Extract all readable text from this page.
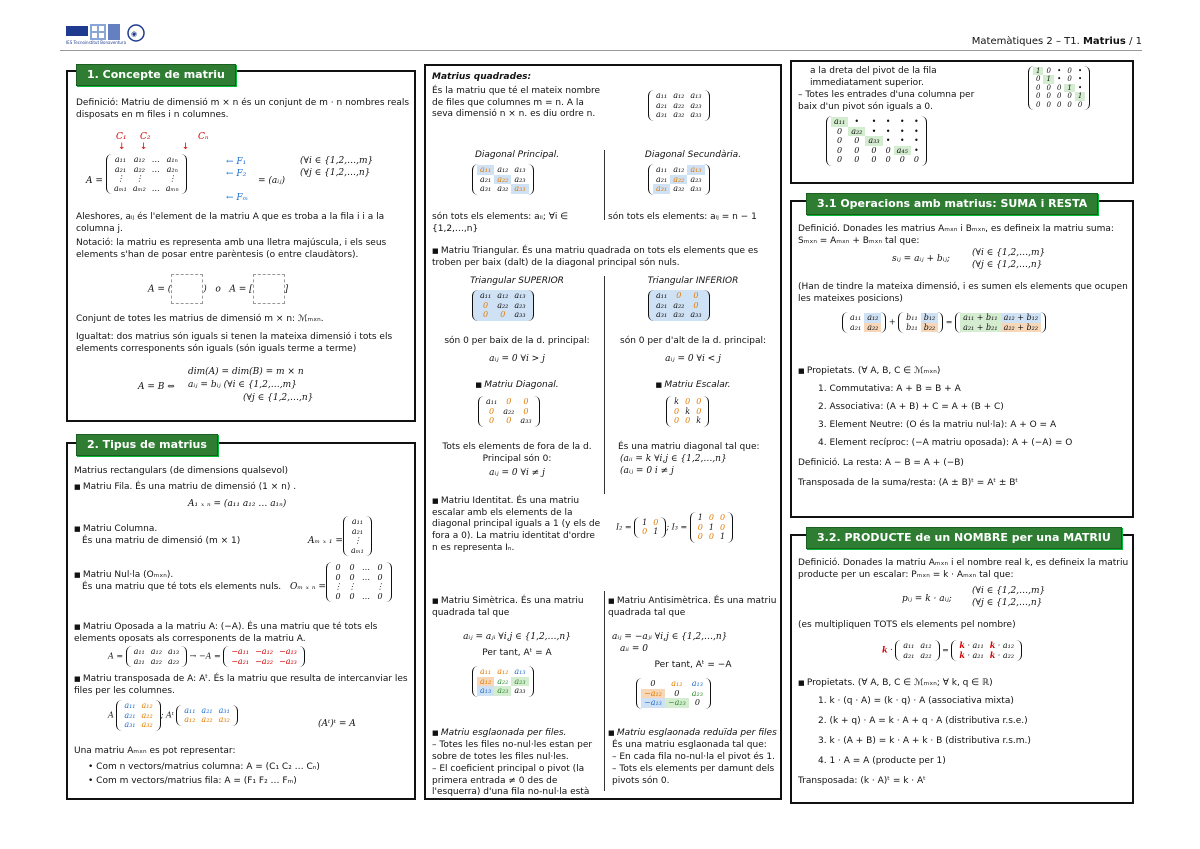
◉
IES Tecnoinstitut Bonaventura	Matemàtiques 2 – T1. Matrius / 1
Definició: Matriu de dimensió m × n és un conjunt de m · n nombres reals disposats en m files i n columnes.
C₁ C₂	Cₙ
↓     ↓            ↓
A =
a₁₁	a₁₂	…	a₁ₙ
a₂₁	a₂₂	…	a₂ₙ
⋮	⋮		⋮
aₘ₁	aₘ₂	…	aₘₙ
← F₁
← F₂
← Fₘ
= (aᵢⱼ)
(∀i ∈ {1,2,…,m}
(∀j ∈ {1,2,…,n}
Aleshores, aᵢⱼ és l'element de la matriu A que es troba a la fila i i a la columna j.
Notació: la matriu es representa amb una lletra majúscula, i els seus elements s'han de posar entre parèntesis (o entre claudàtors).
A = (	)   o   A = [	]
Conjunt de totes les matrius de dimensió m × n: ℳₘₓₙ.
Igualtat: dos matrius són iguals si tenen la mateixa dimensió i tots els elements corresponents són iguals (són iguals terme a terme)
A = B ⇔
dim(A) = dim(B) = m × n
aᵢⱼ = bᵢⱼ (∀i ∈ {1,2,…,m}
(∀j ∈ {1,2,…,n}
1. Concepte de matriu
Matrius rectangulars (de dimensions qualsevol)
■ Matriu Fila. És una matriu de dimensió (1 × n) .
A₁ ₓ ₙ = (a₁₁ a₁₂ … a₁ₙ)
■ Matriu Columna.
És una matriu de dimensió (m × 1)	Aₘ ₓ ₁ =
a₁₁
a₂₁
⋮
aₘ₁
■ Matriu Nul·la (Oₘₓₙ).
És una matriu que té tots els elements nuls. Oₘ ₓ ₙ =
0	0	…	0
0	0	…	0
⋮	⋮		⋮
0	0	…	0
■ Matriu Oposada a la matriu A: (−A). És una matriu que té tots els elements oposats als corresponents de la matriu A.
A =
a₁₁	a₁₂	a₁₃
a₂₁	a₂₂	a₂₃
→ −A =
−a₁₁	−a₁₂	−a₁₃
−a₂₁	−a₂₂	−a₂₃
■ Matriu transposada de A: Aᵗ. És la matriu que resulta de intercanviar les files per les columnes.
A
a₁₁	a₁₂
a₂₁	a₂₂
a₃₁	a₃₂
; Aᵗ
a₁₁	a₂₁	a₃₁
a₁₂	a₂₂	a₃₂	(Aᵗ)ᵗ = A
Una matriu Aₘₓₙ es pot representar:
• Com n vectors/matrius columna: A = (C₁ C₂ … Cₙ)
• Com m vectors/matrius fila: A = (F₁ F₂ … Fₘ)
2. Tipus de matrius
Matrius quadrades:
És la matriu que té el mateix nombre de files que columnes m = n. A la seva dimensió n × n. es diu ordre n.
a₁₁	a₁₂	a₁₃
a₂₁	a₂₂	a₂₃
a₃₁	a₃₂	a₃₃
Diagonal Principal.	Diagonal Secundària.
a₁₁	a₁₂	a₁₃
a₂₁	a₂₂	a₂₃
a₃₁	a₃₂	a₃₃
a₁₁	a₁₂	a₁₃
a₂₁	a₂₂	a₂₃
a₃₁	a₃₂	a₃₃
són tots els elements: aᵢᵢ; ∀i ∈ {1,2,…,n}
són tots els elements: aᵢⱼ = n − 1
■ Matriu Triangular. És una matriu quadrada on tots els elements que es troben per baix (dalt) de la diagonal principal són nuls.
Triangular SUPERIOR	Triangular INFERIOR
a₁₁	a₁₂	a₁₃
0	a₂₂	a₂₃
0	0	a₃₃
a₁₁	0	0
a₂₁	a₂₂	0
a₃₁	a₃₂	a₃₃
són 0 per baix de la d. principal:
aᵢⱼ = 0 ∀i > j
són 0 per d'alt de la d. principal:
aᵢⱼ = 0 ∀i < j
■ Matriu Diagonal.	■ Matriu Escalar.
a₁₁	0	0
0	a₂₂	0
0	0	a₃₃
k	0	0
0	k	0
0	0	k
Tots els elements de fora de la d. Principal són 0:
aᵢⱼ = 0 ∀i ≠ j
És una matriu diagonal tal que:
(aᵢᵢ = k ∀i,j ∈ {1,2,…,n}
(aᵢⱼ = 0 i ≠ j
■ Matriu Identitat. És una matriu escalar amb els elements de la diagonal principal iguals a 1 (y els de fora a 0). La matriu identitat d'ordre n es representa Iₙ.
I₂ =
1	0
0	1
; I₃ =
1	0	0
0	1	0
0	0	1
■ Matriu Simètrica. És una matriu quadrada tal que
aᵢⱼ = aⱼᵢ ∀i,j ∈ {1,2,…,n}
Per tant, Aᵗ = A
a₁₁	a₁₂	a₁₃
a₁₂	a₂₂	a₂₃
a₁₃	a₂₃	a₃₃
■ Matriu Antisimètrica. És una matriu quadrada tal que
aᵢⱼ = −aⱼᵢ ∀i,j ∈ {1,2,…,n}
aᵢᵢ = 0
Per tant, Aᵗ = −A
0	a₁₂	a₁₃
−a₁₂	0	a₂₃
−a₁₃	−a₂₃	0
■ Matriu esglaonada per files.
– Totes les files no-nul·les estan per sobre de totes les files nul·les.
– El coeficient principal o pivot (la primera entrada ≠ 0 des de l'esquerra) d'una fila no-nul·la està
■ Matriu esglaonada reduïda per files
És una matriu esglaonada tal que:
– En cada fila no-nul·la el pivot és 1.
– Tots els elements per damunt dels pivots són 0.
a la dreta del pivot de la fila immediatament superior.
– Totes les entrades d'una columna per baix d'un pivot són iguals a 0.
a₁₁	•	•	•	•	•
0	a₂₂	•	•	•	•
0	0	a₃₃	•	•	•
0	0	0	0	a₄₅	•
0	0	0	0	0	0
1	0	•	0	•
0	1	•	0	•
0	0	0	1	•
0	0	0	0	1
0	0	0	0	0
Definició. Donades les matrius Aₘₓₙ i Bₘₓₙ, es defineix la matriu suma: Sₘₓₙ = Aₘₓₙ + Bₘₓₙ tal que:
sᵢⱼ = aᵢⱼ + bᵢⱼ;
(∀i ∈ {1,2,…,m}
(∀j ∈ {1,2,…,n}
(Han de tindre la mateixa dimensió, i es sumen els elements que ocupen les mateixes posicions)
a₁₁	a₁₂
a₂₁	a₂₂
+
b₁₁	b₁₂
b₂₁	b₂₂
=
a₁₁ + b₁₁	a₁₂ + b₁₂
a₂₁ + b₂₁	a₂₂ + b₂₂
■ Propietats. (∀ A, B, C ∈ ℳₘₓₙ)
1. Commutativa: A + B = B + A
2. Associativa: (A + B) + C = A + (B + C)
3. Element Neutre: (O és la matriu nul·la): A + O = A
4. Element recíproc: (−A matriu oposada): A + (−A) = O
Definició. La resta: A − B = A + (−B)
Transposada de la suma/resta: (A ± B)ᵗ = Aᵗ ± Bᵗ
3.1 Operacions amb matrius: SUMA i RESTA
Definició. Donades la matriu Aₘₓₙ i el nombre real k, es defineix la matriu producte per un escalar: Pₘₓₙ = k · Aₘₓₙ tal que:
pᵢⱼ = k · aᵢⱼ;
(∀i ∈ {1,2,…,m}
(∀j ∈ {1,2,…,n}
(es multipliquen TOTS els elements pel nombre)
k ·
a₁₁	a₁₂
a₂₁	a₂₂
=
k · a₁₁	k · a₁₂
k · a₂₁	k · a₂₂
■ Propietats. (∀ A, B, C ∈ ℳₘₓₙ; ∀ k, q ∈ ℝ)
1. k · (q · A) = (k · q) · A (associativa mixta)
2. (k + q) · A = k · A + q · A (distributiva r.s.e.)
3. k · (A + B) = k · A + k · B (distributiva r.s.m.)
4. 1 · A = A (producte per 1)
Transposada: (k · A)ᵗ = k · Aᵗ
3.2. PRODUCTE de un NOMBRE per una MATRIU
